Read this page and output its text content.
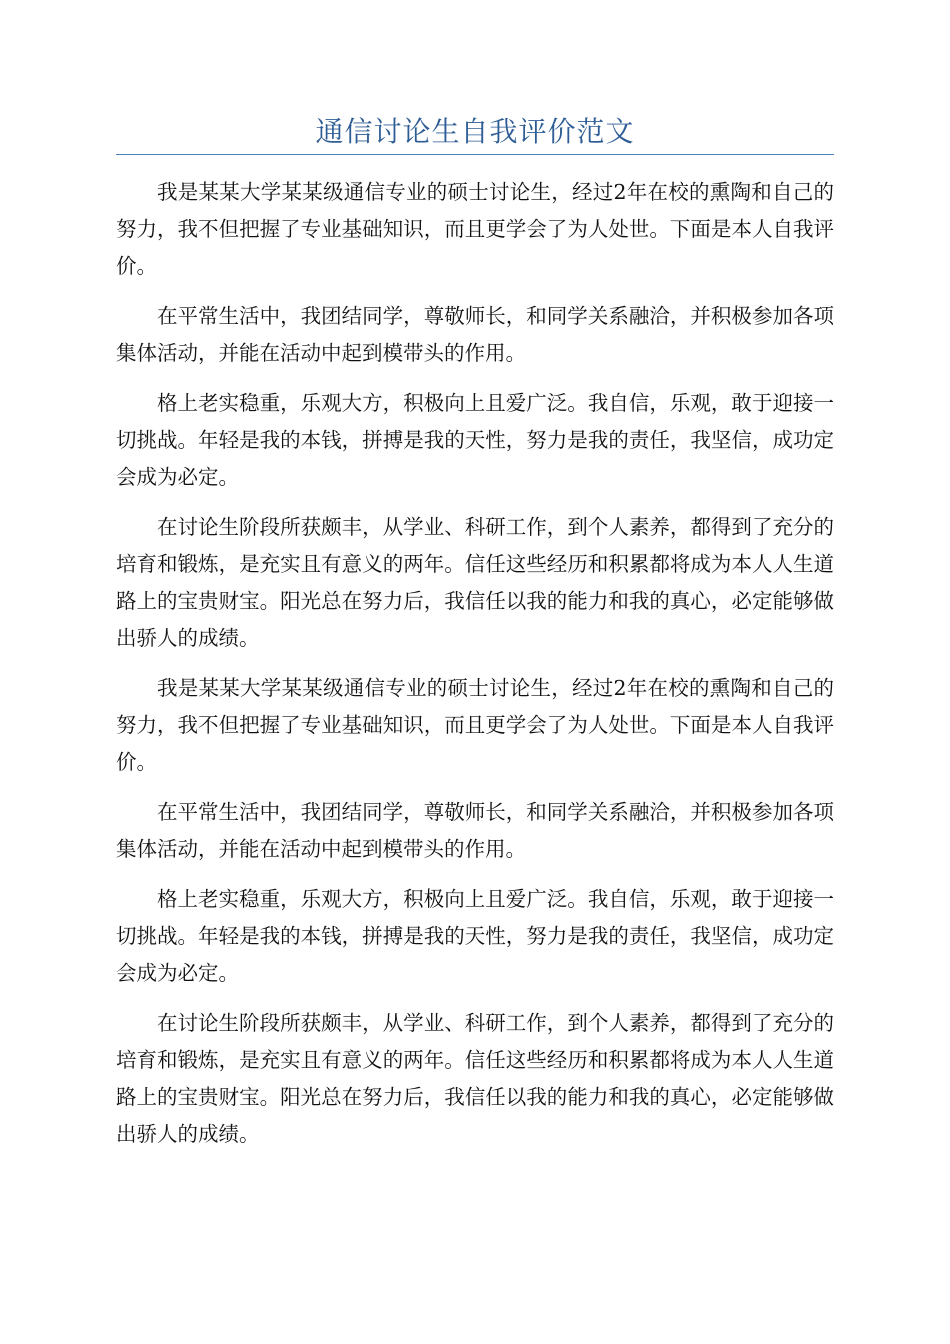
通信讨论生自我评价范文

我是某某大学某某级通信专业的硕士讨论生，经过2年在校的熏陶和自己的努力，我不但把握了专业基础知识，而且更学会了为人处世。下面是本人自我评价。

在平常生活中，我团结同学，尊敬师长，和同学关系融洽，并积极参加各项集体活动，并能在活动中起到模带头的作用。

格上老实稳重，乐观大方，积极向上且爱广泛。我自信，乐观，敢于迎接一切挑战。年轻是我的本钱，拼搏是我的天性，努力是我的责任，我坚信，成功定会成为必定。

在讨论生阶段所获颇丰，从学业、科研工作，到个人素养，都得到了充分的培育和锻炼，是充实且有意义的两年。信任这些经历和积累都将成为本人人生道路上的宝贵财宝。阳光总在努力后，我信任以我的能力和我的真心，必定能够做出骄人的成绩。

我是某某大学某某级通信专业的硕士讨论生，经过2年在校的熏陶和自己的努力，我不但把握了专业基础知识，而且更学会了为人处世。下面是本人自我评价。

在平常生活中，我团结同学，尊敬师长，和同学关系融洽，并积极参加各项集体活动，并能在活动中起到模带头的作用。

格上老实稳重，乐观大方，积极向上且爱广泛。我自信，乐观，敢于迎接一切挑战。年轻是我的本钱，拼搏是我的天性，努力是我的责任，我坚信，成功定会成为必定。

在讨论生阶段所获颇丰，从学业、科研工作，到个人素养，都得到了充分的培育和锻炼，是充实且有意义的两年。信任这些经历和积累都将成为本人人生道路上的宝贵财宝。阳光总在努力后，我信任以我的能力和我的真心，必定能够做出骄人的成绩。
